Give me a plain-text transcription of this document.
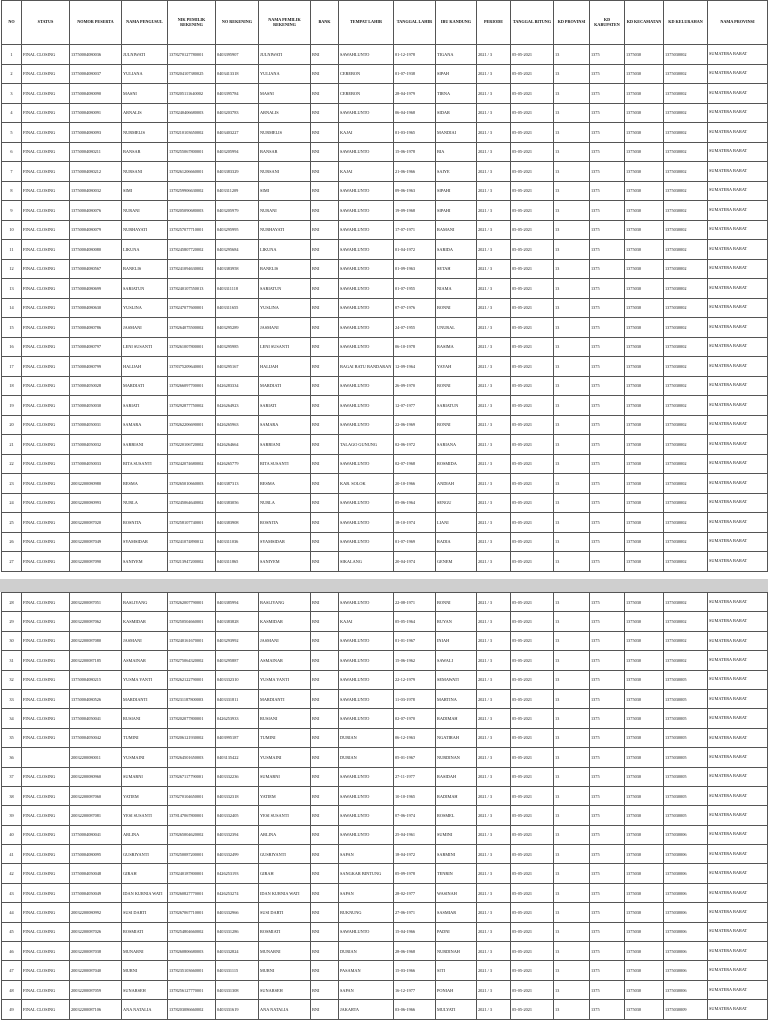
NO	STATUS	NOMOR PESERTA	NAMA PENGUSUL	NIK PEMILIK REKENING	NO REKENING	NAMA PEMILIK REKENING	BANK	TEMPAT LAHIR	TANGGAL LAHIR	IBU KANDUNG	PERIODE	TANGGAL BITUNG	KD PROVINSI	KD KABUPATEN	KD KECAMATAN	KD KELURAHAN	NAMA PROVINSI
1	FINAL CLOSING	13750004080036	JULNIWATI	1378270127780001	0403395907	JULNIWATI	BNI	SAWAHLUNTO	01-12-1978	TIGANA	2021 / 3	05-05-2021	13	1375	1375030	1375030002	SUMATERA BARAT
2	FINAL CLOSING	13750004080037	YULIANA	1378204107380025	0403413318	YULIANA	BNI	CEREBON	01-07-1938	SIPAH	2021 / 3	05-05-2021	13	1375	1375030	1375030002	SUMATERA BARAT
3	FINAL CLOSING	13750004080090	MASNI	1378205111640002	0403395784	MASNI	BNI	CEREBON	28-04-1979	TIRNA	2021 / 3	05-05-2021	13	1375	1375030	1375030002	SUMATERA BARAT
4	FINAL CLOSING	13750004080091	ARNALIS	1378240406680003	0403203783	ARNALIS	BNI	SAWAHLUNTO	06-04-1968	SIDAR	2021 / 3	05-05-2021	13	1375	1375030	1375030002	SUMATERA BARAT
5	FINAL CLOSING	13750004080093	NURMELIS	1378210103650002	0403403227	NURMELIS	BNI	KAJAI	01-03-1965	MANDIAI	2021 / 3	05-05-2021	13	1375	1375030	1375030002	SUMATERA BARAT
6	FINAL CLOSING	13750004080211	BANSAR	1378255067800001	0403205994	BANSAR	BNI	SAWAHLUNTO	15-06-1978	BIA	2021 / 3	05-05-2021	13	1375	1375030	1375030002	SUMATERA BARAT
7	FINAL CLOSING	13750004080212	NURSANI	1378261206660001	0403383329	NURSANI	BNI	KAJAI	21-06-1966	SAIYE	2021 / 3	05-05-2021	13	1375	1375030	1375030002	SUMATERA BARAT
8	FINAL CLOSING	13750004080032	SIMI	1378259906630002	0403311209	SIMI	BNI	SAWAHLUNTO	09-06-1963	SIPAHI	2021 / 3	05-05-2021	13	1375	1375030	1375030002	SUMATERA BARAT
9	FINAL CLOSING	13750004080076	NURANI	1378205090680003	0403205979	NURANI	BNI	SAWAHLUNTO	19-09-1968	SIPAHI	2021 / 3	05-05-2021	13	1375	1375030	1375030002	SUMATERA BARAT
10	FINAL CLOSING	13750004080079	NURHAYATI	1378257077710001	0403295995	NURHAYATI	BNI	SAWAHLUNTO	17-07-1971	RAMANI	2021 / 3	05-05-2021	13	1375	1375030	1375030002	SUMATERA BARAT
11	FINAL CLOSING	13750004080080	LIKUNA	1378245807720002	0403295684	LIKUNA	BNI	SAWAHLUNTO	01-04-1972	SARIDA	2021 / 3	05-05-2021	13	1375	1375030	1375030002	SUMATERA BARAT
12	FINAL CLOSING	13750004080567	BANELIS	1378241094630002	0403383958	BANELIS	BNI	SAWAHLUNTO	01-09-1963	SETAH	2021 / 3	05-05-2021	13	1375	1375030	1375030002	SUMATERA BARAT
13	FINAL CLOSING	13750004080699	SARIATUN	1378240107550013	0403311118	SARIATUN	BNI	SAWAHLUNTO	01-07-1955	NIAMA	2021 / 3	05-05-2021	13	1375	1375030	1375030002	SUMATERA BARAT
14	FINAL CLOSING	13750004080630	YUSLINA	1378247077600001	0403311655	YUSLINA	BNI	SAWAHLUNTO	07-07-1976	BONNI	2021 / 3	05-05-2021	13	1375	1375030	1375030002	SUMATERA BARAT
15	FINAL CLOSING	13750004080786	JASMANI	1378264075500002	0403295289	JASMANI	BNI	SAWAHLUNTO	24-07-1955	UNURAL	2021 / 3	05-05-2021	13	1375	1375030	1375030002	SUMATERA BARAT
16	FINAL CLOSING	13750004080797	LENI SUSANTI	1378261007800001	0403295985	LENI SUSANTI	BNI	SAWAHLUNTO	06-10-1978	RASIMA	2021 / 3	05-05-2021	13	1375	1375030	1375030002	SUMATERA BARAT
17	FINAL CLOSING	13750004080799	HALIJAH	1378375209640001	0403295167	HALIJAH	BNI	BAGAI BATU BANDARAN	12-09-1964	YAYAH	2021 / 3	05-05-2021	13	1375	1375030	1375030002	SUMATERA BARAT
18	FINAL CLOSING	13750004050028	MARDIATI	1378266097700001	0426283334	MARDIATI	BNI	SAWAHLUNTO	26-09-1970	BONNI	2021 / 3	05-05-2021	13	1375	1375030	1375030002	SUMATERA BARAT
19	FINAL CLOSING	13750004050030	SARIATI	1378292877750002	0426264923	SARIATI	BNI	SAWAHLUNTO	12-07-1977	SARIATUN	2021 / 3	05-05-2021	13	1375	1375030	1375030002	SUMATERA BARAT
20	FINAL CLOSING	13750004050031	SAMARA	1378262206690001	0426265963	SAMARA	BNI	SAWAHLUNTO	22-06-1969	BONNI	2021 / 3	05-05-2021	13	1375	1375030	1375030002	SUMATERA BARAT
21	FINAL CLOSING	13750004050032	SARBIANI	1378220106720002	0426264664	SARBIANI	BNI	TALAGO GUNUNG	02-06-1972	SARIANA	2021 / 3	05-05-2021	13	1375	1375030	1375030002	SUMATERA BARAT
22	FINAL CLOSING	13750004050033	RITA SUSANTI	1378242074680002	0426265779	RITA SUSANTI	BNI	SAWAHLUNTO	02-07-1968	ROSMIDA	2021 / 3	05-05-2021	13	1375	1375030	1375030002	SUMATERA BARAT
23	FINAL CLOSING	20032200080980	RESMA	1378265010660003	0403387313	RESMA	BNI	KAB. SOLOK	20-10-1966	ANDIAH	2021 / 3	05-05-2021	13	1375	1375030	1375030002	SUMATERA BARAT
24	FINAL CLOSING	20032200080993	NURLA	1378245064640002	0403383056	NURLA	BNI	SAWAHLUNTO	05-06-1964	SENGU	2021 / 3	05-05-2021	13	1375	1375030	1375030002	SUMATERA BARAT
25	FINAL CLOSING	20032200087020	ROSNITA	1378258107740001	0403383908	ROSNITA	BNI	SAWAHLUNTO	18-10-1974	LIANI	2021 / 3	05-05-2021	13	1375	1375030	1375030002	SUMATERA BARAT
26	FINAL CLOSING	20032200087049	SYAMSIDAR	1378241074890012	0403311036	SYAMSIDAR	BNI	SAWAHLUNTO	01-07-1969	RADIA	2021 / 3	05-05-2021	13	1375	1375030	1375030002	SUMATERA BARAT
27	FINAL CLOSING	20032200087090	SANIYEM	1378213947200002	0403311865	SANIYEM	BNI	SIKALANG	20-04-1974	GENEM	2021 / 3	05-05-2021	13	1375	1375030	1375030002	SUMATERA BARAT
28	FINAL CLOSING	20032200087051	BASLIYANG	1378262007790001	0403385994	BASLIYANG	BNI	SAWAHLUNTO	22-08-1971	BONNI	2021 / 3	05-05-2021	13	1375	1375030	1375030002	SUMATERA BARAT
29	FINAL CLOSING	20032200087062	KASMIDAR	1378250504660001	0403383828	KASMIDAR	BNI	KAJAI	05-05-1964	RUYAN	2021 / 3	05-05-2021	13	1375	1375030	1375030002	SUMATERA BARAT
30	FINAL CLOSING	20032200087080	JASMANI	1378240161670001	0403293992	JASMANI	BNI	SAWAHLUNTO	01-01-1967	INIAH	2021 / 3	05-05-2021	13	1375	1375030	1375030002	SUMATERA BARAT
31	FINAL CLOSING	20032200087185	ASMAINAR	1378275064320002	0403295887	ASMAINAR	BNI	SAWAHLUNTO	15-06-1962	SAWALI	2021 / 3	05-05-2021	13	1375	1375030	1375030002	SUMATERA BARAT
32	FINAL CLOSING	13750004080215	YUSMA YANTI	1378262122790001	0403332310	YUSMA YANTI	BNI	SAWAHLUNTO	22-12-1979	SEMAWATI	2021 / 3	05-05-2021	13	1375	1375030	1375030005	SUMATERA BARAT
33	FINAL CLOSING	13750004080526	MARDIANTI	1378231187800003	0403331811	MARDIANTI	BNI	SAWAHLUNTO	11-03-1978	MARTINA	2021 / 3	05-05-2021	13	1375	1375030	1375030005	SUMATERA BARAT
34	FINAL CLOSING	13750004050041	RUSIANI	1378202077800001	0426253933	RUSIANI	BNI	SAWAHLUNTO	02-07-1970	RADIMAH	2021 / 3	05-05-2021	13	1375	1375030	1375030005	SUMATERA BARAT
35	FINAL CLOSING	13750004050042	TUMINI	1378206121930002	0403995187	TUMINI	BNI	DURIAN	06-12-1963	NGATIRAH	2021 / 3	05-05-2021	13	1375	1375030	1375030005	SUMATERA BARAT
36		20032200080011	YUSMAINI	1378264501650003	0403135422	YUSMAINI	BNI	DURIAN	05-01-1967	NURDINAN	2021 / 3	05-05-2021	13	1375	1375030	1375030005	SUMATERA BARAT
37	FINAL CLOSING	20032200080960	SUMARNI	1378267117790001	0403332236	SUMARNI	BNI	SAWAHLUNTO	27-11-1977	RASIDAH	2021 / 3	05-05-2021	13	1375	1375030	1375030005	SUMATERA BARAT
38	FINAL CLOSING	20032200087060	YATIEM	1378270104650001	0403332318	YATIEM	BNI	SAWAHLUNTO	10-10-1965	RADIMAH	2021 / 3	05-05-2021	13	1375	1375030	1375030005	SUMATERA BARAT
39	FINAL CLOSING	20032200087081	YESI SUSANTI	1378147067800001	0403332405	YESI SUSANTI	BNI	SAWAHLUNTO	07-06-1974	ROSMEL	2021 / 3	05-05-2021	13	1375	1375030	1375030005	SUMATERA BARAT
40	FINAL CLOSING	13750004080041	ARLINA	1378265004620002	0403332394	ARLINA	BNI	SAWAHLUNTO	25-04-1961	SUMINI	2021 / 3	05-05-2021	13	1375	1375030	1375030006	SUMATERA BARAT
41	FINAL CLOSING	13750004080095	GUSRIYANTI	1378250087200001	0403332499	GUSRIYANTI	BNI	SAPAN	18-04-1972	SARMINI	2021 / 3	05-05-2021	13	1375	1375030	1375030006	SUMATERA BARAT
42	FINAL CLOSING	13750004050048	GIRAH	1378240187800001	0426253193	GIRAH	BNI	SANGKAR BINTUNG	05-09-1978	TENRIN	2021 / 3	05-05-2021	13	1375	1375030	1375030006	SUMATERA BARAT
43	FINAL CLOSING	13750004050049	IDAN KURNIA WATI	1378260827770001	0426253274	IDAN KURNIA WATI	BNI	SAPAN	28-02-1977	WASINAH	2021 / 3	05-05-2021	13	1375	1375030	1375030006	SUMATERA BARAT
44	FINAL CLOSING	20032200080992	SUSI DARTI	1378267067710001	0403332966	SUSI DARTI	BNI	BUKNUNG	27-06-1971	SASMIAR	2021 / 3	05-05-2021	13	1375	1375030	1375030006	SUMATERA BARAT
45	FINAL CLOSING	20032200087026	ROSMIATI	1378254804660002	0403331286	ROSMIATI	BNI	SAWAHLUNTO	15-04-1966	PADNI	2021 / 3	05-05-2021	13	1375	1375030	1375030006	SUMATERA BARAT
46	FINAL CLOSING	20032200087038	MUNARNI	1378260806680003	0403332824	MUNARNI	BNI	DURIAN	28-06-1968	NURDINAH	2021 / 3	05-05-2021	13	1375	1375030	1375030006	SUMATERA BARAT
47	FINAL CLOSING	20032200087040	MURNI	1378235103660001	0403331115	MURNI	BNI	PASAMAN	15-03-1966	SITI	2021 / 3	05-05-2021	13	1375	1375030	1375030006	SUMATERA BARAT
48	FINAL CLOSING	20032200087059	SUNARSEH	1378256127770001	0403331308	SUNARSEH	BNI	SAPAN	16-12-1977	PONIAH	2021 / 3	05-05-2021	13	1375	1375030	1375030006	SUMATERA BARAT
49	FINAL CLOSING	20032200087106	ANA NATALIA	1378203086660002	0403331619	ANA NATALIA	BNI	JAKARTA	03-06-1966	MULYATI	2021 / 3	05-05-2021	13	1375	1375030	1375030009	SUMATERA BARAT
